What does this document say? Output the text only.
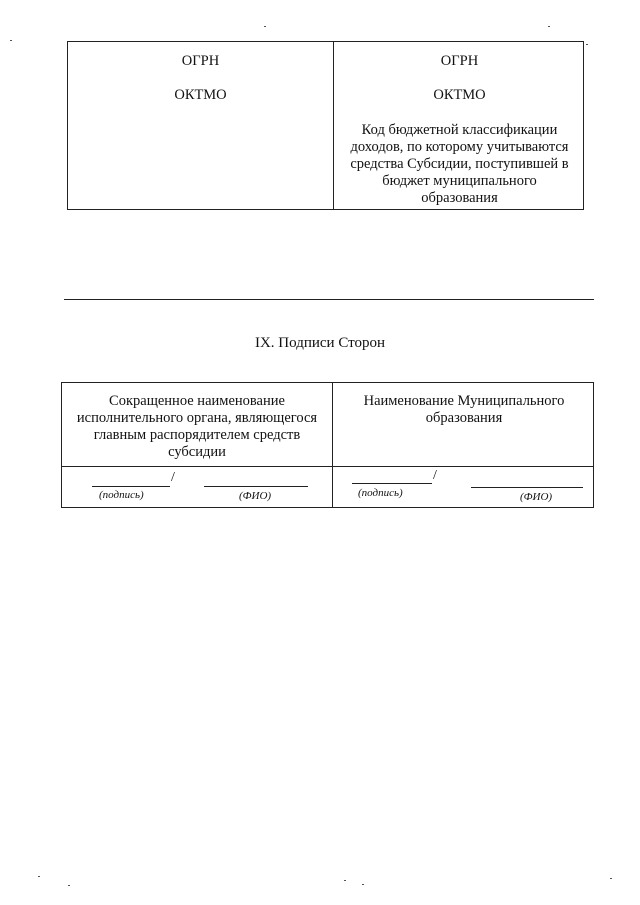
ОГРН
ОКТМО
ОГРН
ОКТМО
Код бюджетной классификации
доходов, по которому учитываются
средства Субсидии, поступившей в
бюджет муниципального
образования
IX. Подписи Сторон
Сокращенное наименование
исполнительного органа, являющегося
главным распорядителем средств
субсидии
Наименование Муниципального
образования
/
(подпись)	(ФИО)
/
(подпись)	(ФИО)
